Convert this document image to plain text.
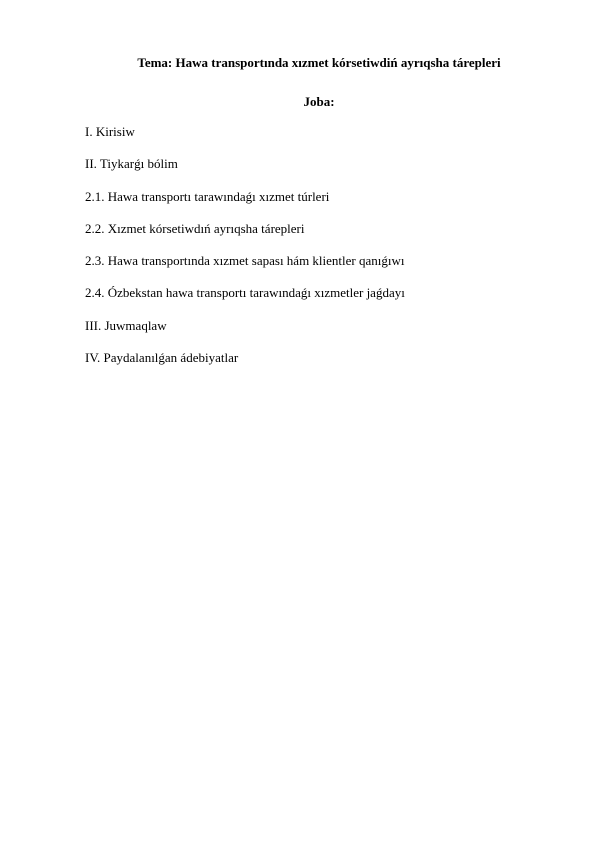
Tema: Hawa transportında xızmet kórsetiwdiń ayrıqsha tárepleri
Joba:
I. Kirisiw
II. Tiykarǵı bólim
2.1. Hawa transportı tarawındaǵı xızmet túrleri
2.2. Xızmet kórsetiwdıń ayrıqsha tárepleri
2.3. Hawa transportında xızmet sapası hám klientler qanıǵıwı
2.4. Ózbekstan hawa transportı tarawındaǵı xızmetler jaǵdayı
III. Juwmaqlaw
IV. Paydalanılǵan ádebiyatlar
